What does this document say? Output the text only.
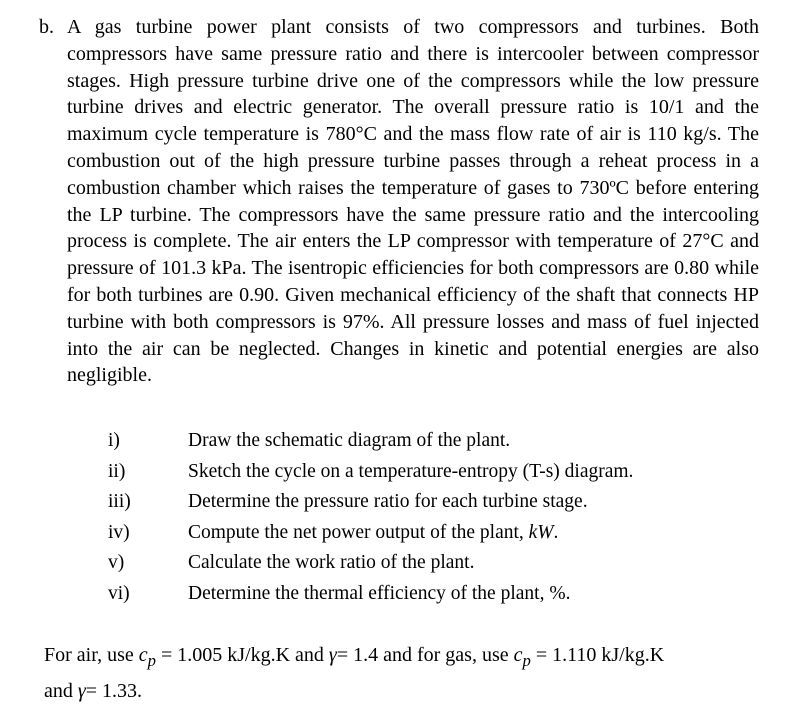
b. A gas turbine power plant consists of two compressors and turbines. Both compressors have same pressure ratio and there is intercooler between compressor stages. High pressure turbine drive one of the compressors while the low pressure turbine drives and electric generator. The overall pressure ratio is 10/1 and the maximum cycle temperature is 780°C and the mass flow rate of air is 110 kg/s. The combustion out of the high pressure turbine passes through a reheat process in a combustion chamber which raises the temperature of gases to 730ºC before entering the LP turbine. The compressors have the same pressure ratio and the intercooling process is complete. The air enters the LP compressor with temperature of 27°C and pressure of 101.3 kPa. The isentropic efficiencies for both compressors are 0.80 while for both turbines are 0.90. Given mechanical efficiency of the shaft that connects HP turbine with both compressors is 97%. All pressure losses and mass of fuel injected into the air can be neglected. Changes in kinetic and potential energies are also negligible.
i)	Draw the schematic diagram of the plant.
ii)	Sketch the cycle on a temperature-entropy (T-s) diagram.
iii)	Determine the pressure ratio for each turbine stage.
iv)	Compute the net power output of the plant, kW.
v)	Calculate the work ratio of the plant.
vi)	Determine the thermal efficiency of the plant, %.
For air, use $c_p = 1.005$ kJ/kg.K and γ= 1.4 and for gas, use $c_p = 1.110$ kJ/kg.K
and γ= 1.33.
